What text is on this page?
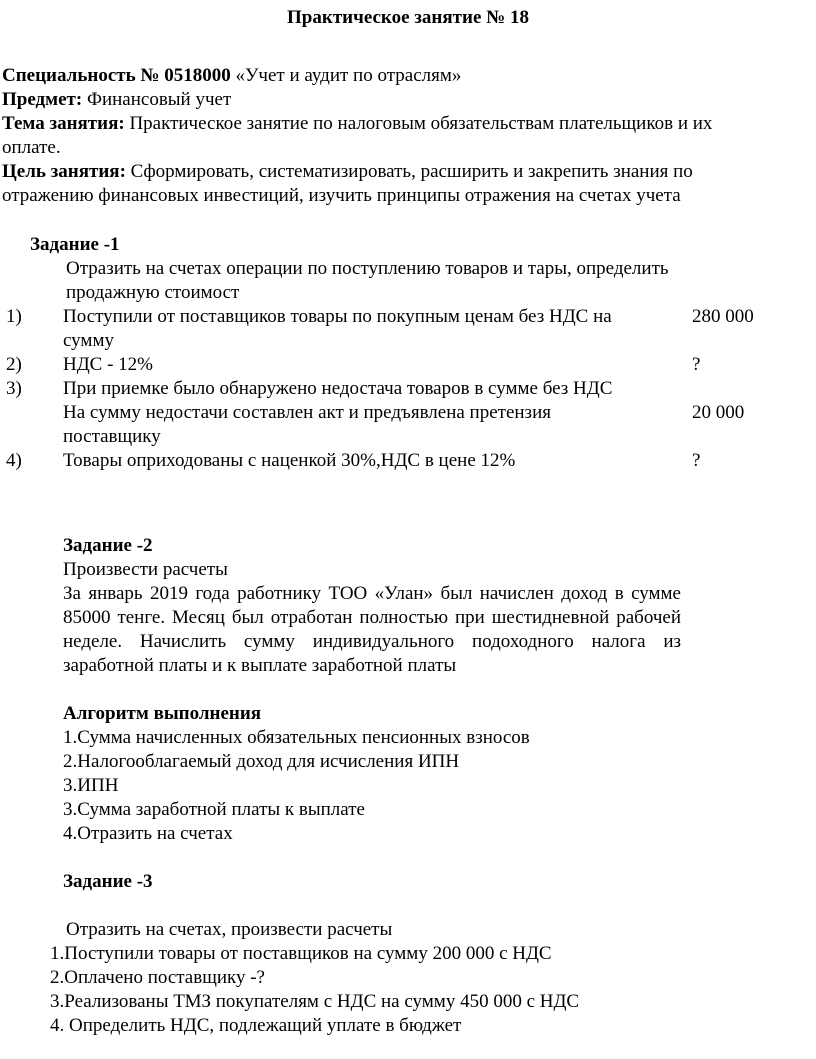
Практическое занятие № 18
Специальность № 0518000 «Учет и аудит по отраслям»
Предмет: Финансовый учет
Тема занятия: Практическое занятие по налоговым обязательствам плательщиков и их
оплате.
Цель занятия: Сформировать, систематизировать, расширить и закрепить знания по
отражению финансовых инвестиций, изучить принципы отражения на счетах учета
Задание -1
Отразить на счетах операции по поступлению товаров и тары, определить
продажную стоимост
1) Поступили от поставщиков товары по покупным ценам без НДС на
сумму
280 000
2) НДС - 12%	?
3) При приемке было обнаружено недостача товаров в сумме без НДС
На сумму недостачи составлен акт и предъявлена претензия
поставщику
20 000
4) Товары оприходованы с наценкой 30%,НДС в цене 12%	?
Задание -2
Произвести расчеты
За январь 2019 года работнику ТОО «Улан» был начислен доход в сумме 85000 тенге. Месяц был отработан полностью при шестидневной рабочей неделе. Начислить сумму индивидуального подоходного налога из заработной платы и к выплате заработной платы
Алгоритм выполнения
1.Сумма начисленных обязательных пенсионных взносов
2.Налогооблагаемый доход для исчисления ИПН
3.ИПН
3.Сумма заработной платы к выплате
4.Отразить на счетах
Задание -3
Отразить на счетах, произвести расчеты
1.Поступили товары от поставщиков на сумму 200 000 с НДС
2.Оплачено поставщику -?
3.Реализованы ТМЗ покупателям с НДС на сумму 450 000 с НДС
4. Определить НДС, подлежащий уплате в бюджет
